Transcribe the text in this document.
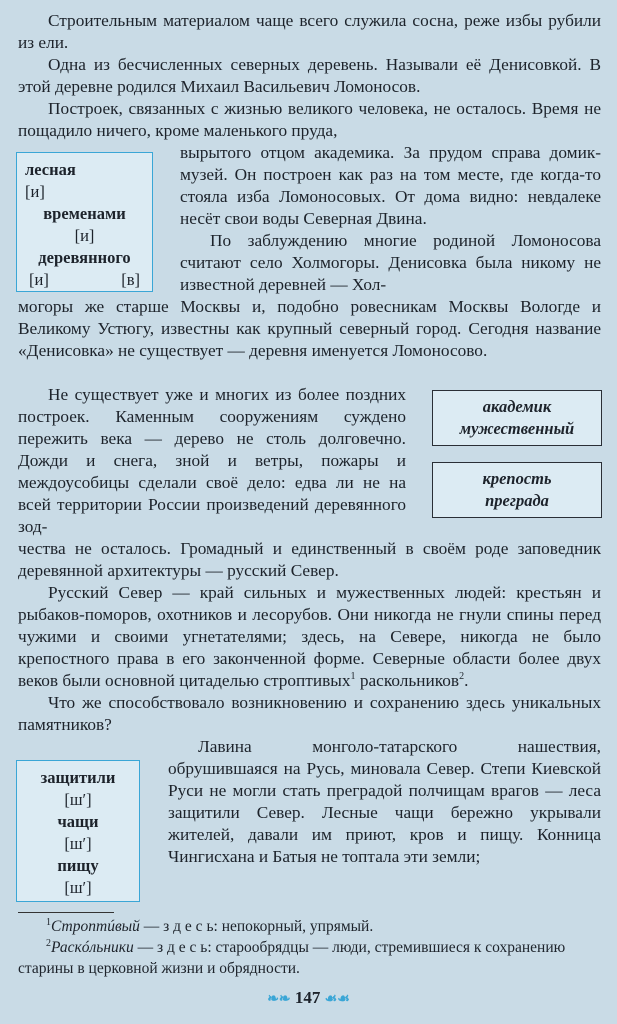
Строительным материалом чаще всего служила сосна, реже избы рубили из ели.

Одна из бесчисленных северных деревень. Называли её Денисовкой. В этой деревне родился Михаил Васильевич Ломоносов.

Построек, связанных с жизнью великого человека, не осталось. Время не пощадило ничего, кроме маленького пруда,

вырытого отцом академика. За прудом справа домик-музей. Он построен как раз на том месте, где когда-то стояла изба Ломоносовых. От дома видно: невдалеке несёт свои воды Северная Двина.

По заблуждению многие родиной Ломоносова считают село Холмогоры. Денисовка была никому не известной деревней — Хол-

могоры же старше Москвы и, подобно ровесникам Москвы Вологде и Великому Устюгу, известны как крупный северный город. Сегодня название «Денисовка» не существует — деревня именуется Ломоносово.

Не существует уже и многих из более поздних построек. Каменным сооружениям суждено пережить века — дерево не столь долговечно. Дожди и снега, зной и ветры, пожары и междоусобицы сделали своё дело: едва ли не на всей территории России произведений деревянного зод-

чества не осталось. Громадный и единственный в своём роде заповедник деревянной архитектуры — русский Север.

Русский Север — край сильных и мужественных людей: крестьян и рыбаков-поморов, охотников и лесорубов. Они никогда не гнули спины перед чужими и своими угнетателями; здесь, на Севере, никогда не было крепостного права в его законченной форме. Северные области более двух веков были основной цитаделью строптивых$^1$ раскольников$^2$.

Что же способствовало возникновению и сохранению здесь уникальных памятников?

Лавина монголо-татарского нашествия, обрушившаяся на Русь, миновала Север. Степи Киевской Руси не могли стать преградой полчищам врагов — леса защитили Север. Лесные чащи бережно укрывали жителей, давали им приют, кров и пищу. Конница Чингисхана и Батыя не топтала эти земли;

лесная
[и]
временами
[и]
деревянного
[и]	[в]
академик
мужественный
крепость
преграда
защитили
[ш′]
чащи
[ш′]
пищу
[ш′]

$^1$Строптúвый — з д е с ь: непокорный, упрямый.

$^2$Раскóльники — з д е с ь: старообрядцы — люди, стремившиеся к сохранению старины в церковной жизни и обрядности.

❧❧ 147 ☙☙
